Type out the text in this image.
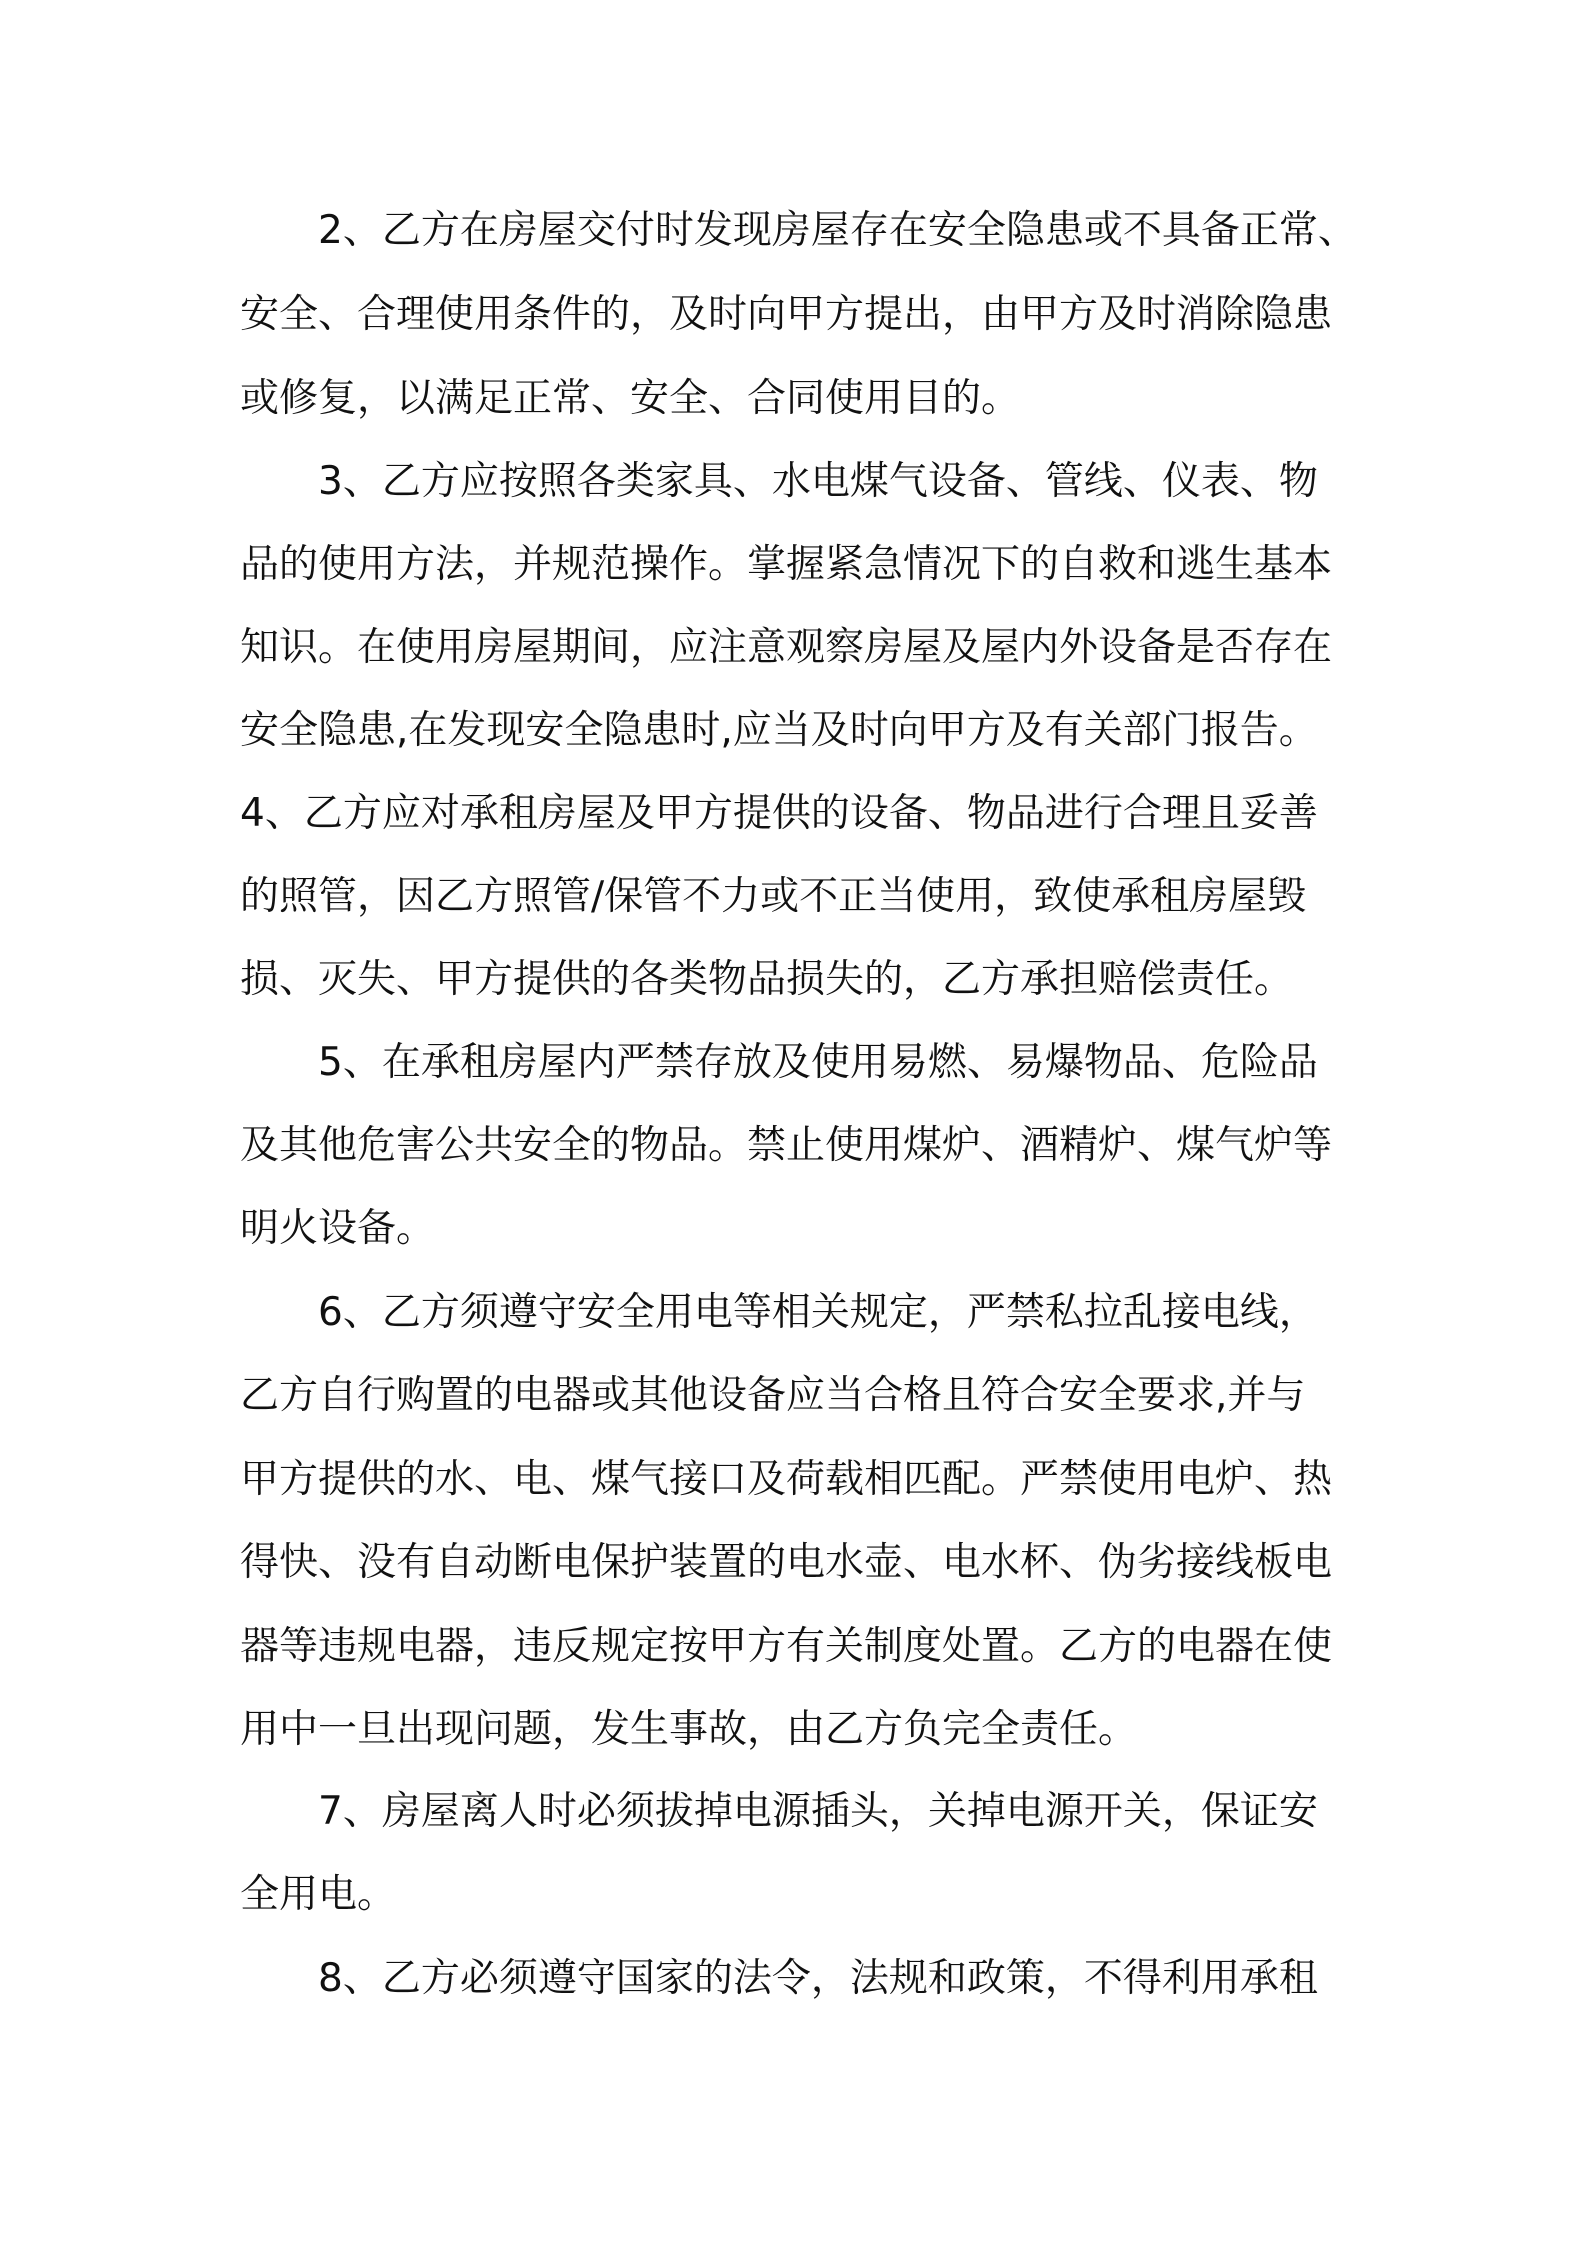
2、乙方在房屋交付时发现房屋存在安全隐患或不具备正常、

安全、合理使用条件的，及时向甲方提出，由甲方及时消除隐患

或修复，以满足正常、安全、合同使用目的。

3、乙方应按照各类家具、水电煤气设备、管线、仪表、物

品的使用方法，并规范操作。掌握紧急情况下的自救和逃生基本

知识。在使用房屋期间，应注意观察房屋及屋内外设备是否存在

安全隐患,在发现安全隐患时,应当及时向甲方及有关部门报告。

4、乙方应对承租房屋及甲方提供的设备、物品进行合理且妥善

的照管，因乙方照管/保管不力或不正当使用，致使承租房屋毁

损、灭失、甲方提供的各类物品损失的，乙方承担赔偿责任。

5、在承租房屋内严禁存放及使用易燃、易爆物品、危险品

及其他危害公共安全的物品。禁止使用煤炉、酒精炉、煤气炉等

明火设备。

6、乙方须遵守安全用电等相关规定，严禁私拉乱接电线，

乙方自行购置的电器或其他设备应当合格且符合安全要求,并与

甲方提供的水、电、煤气接口及荷载相匹配。严禁使用电炉、热

得快、没有自动断电保护装置的电水壶、电水杯、伪劣接线板电

器等违规电器，违反规定按甲方有关制度处置。乙方的电器在使

用中一旦出现问题，发生事故，由乙方负完全责任。

7、房屋离人时必须拔掉电源插头，关掉电源开关，保证安

全用电。

8、乙方必须遵守国家的法令，法规和政策，不得利用承租
